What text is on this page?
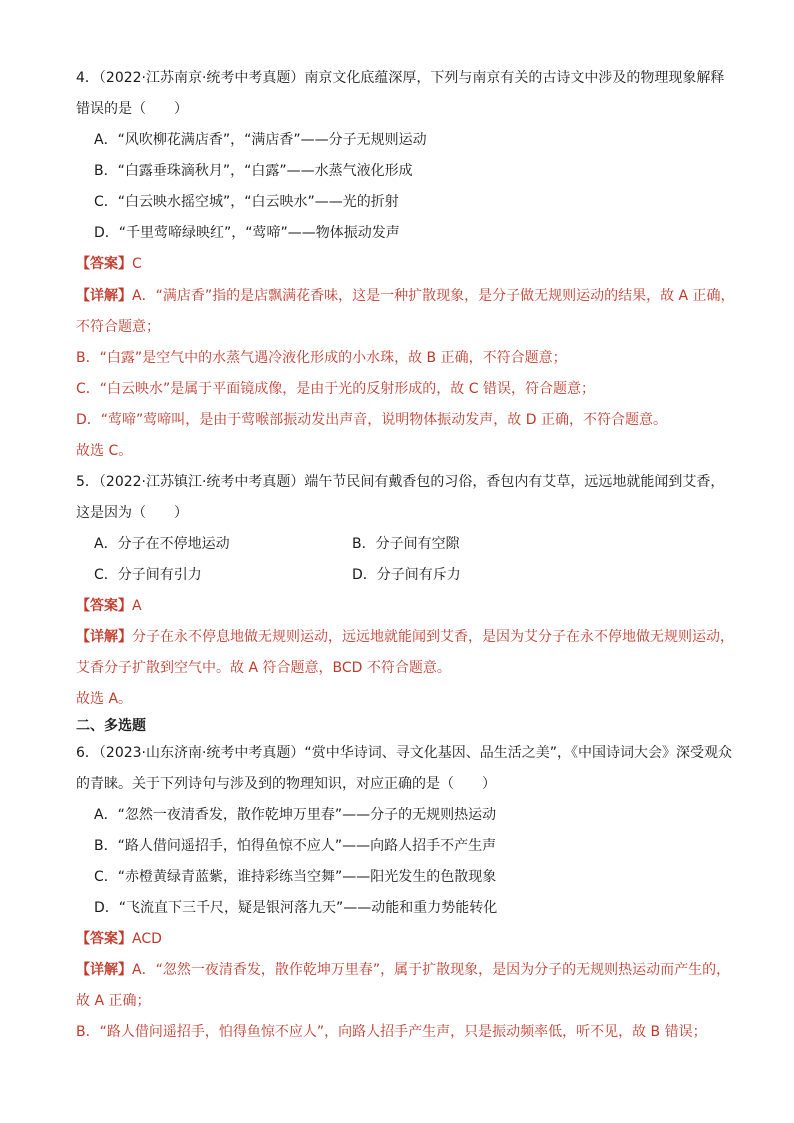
4．（2022·江苏南京·统考中考真题）南京文化底蕴深厚，下列与南京有关的古诗文中涉及的物理现象解释
错误的是（　　）
A．“风吹柳花满店香”，“满店香”——分子无规则运动
B．“白露垂珠滴秋月”，“白露”——水蒸气液化形成
C．“白云映水摇空城”，“白云映水”——光的折射
D．“千里莺啼绿映红”，“莺啼”——物体振动发声
【答案】C
【详解】A．“满店香”指的是店飘满花香味，这是一种扩散现象，是分子做无规则运动的结果，故 A 正确，
不符合题意；
B．“白露”是空气中的水蒸气遇冷液化形成的小水珠，故 B 正确，不符合题意；
C．“白云映水”是属于平面镜成像，是由于光的反射形成的，故 C 错误，符合题意；
D．“莺啼”莺啼叫，是由于莺喉部振动发出声音，说明物体振动发声，故 D 正确，不符合题意。
故选 C。
5．（2022·江苏镇江·统考中考真题）端午节民间有戴香包的习俗，香包内有艾草，远远地就能闻到艾香，
这是因为（　　）
A．分子在不停地运动	B．分子间有空隙
C．分子间有引力	D．分子间有斥力
【答案】A
【详解】分子在永不停息地做无规则运动，远远地就能闻到艾香，是因为艾分子在永不停地做无规则运动，
艾香分子扩散到空气中。故 A 符合题意，BCD 不符合题意。
故选 A。
二、多选题
6．（2023·山东济南·统考中考真题）“赏中华诗词、寻文化基因、品生活之美”，《中国诗词大会》深受观众
的青睐。关于下列诗句与涉及到的物理知识，对应正确的是（　　）
A．“忽然一夜清香发，散作乾坤万里春”——分子的无规则热运动
B．“路人借问遥招手，怕得鱼惊不应人”——向路人招手不产生声
C．“赤橙黄绿青蓝紫，谁持彩练当空舞”——阳光发生的色散现象
D．“飞流直下三千尺，疑是银河落九天”——动能和重力势能转化
【答案】ACD
【详解】A．“忽然一夜清香发，散作乾坤万里春”，属于扩散现象，是因为分子的无规则热运动而产生的，
故 A 正确；
B．“路人借问遥招手，怕得鱼惊不应人”，向路人招手产生声，只是振动频率低，听不见，故 B 错误；
